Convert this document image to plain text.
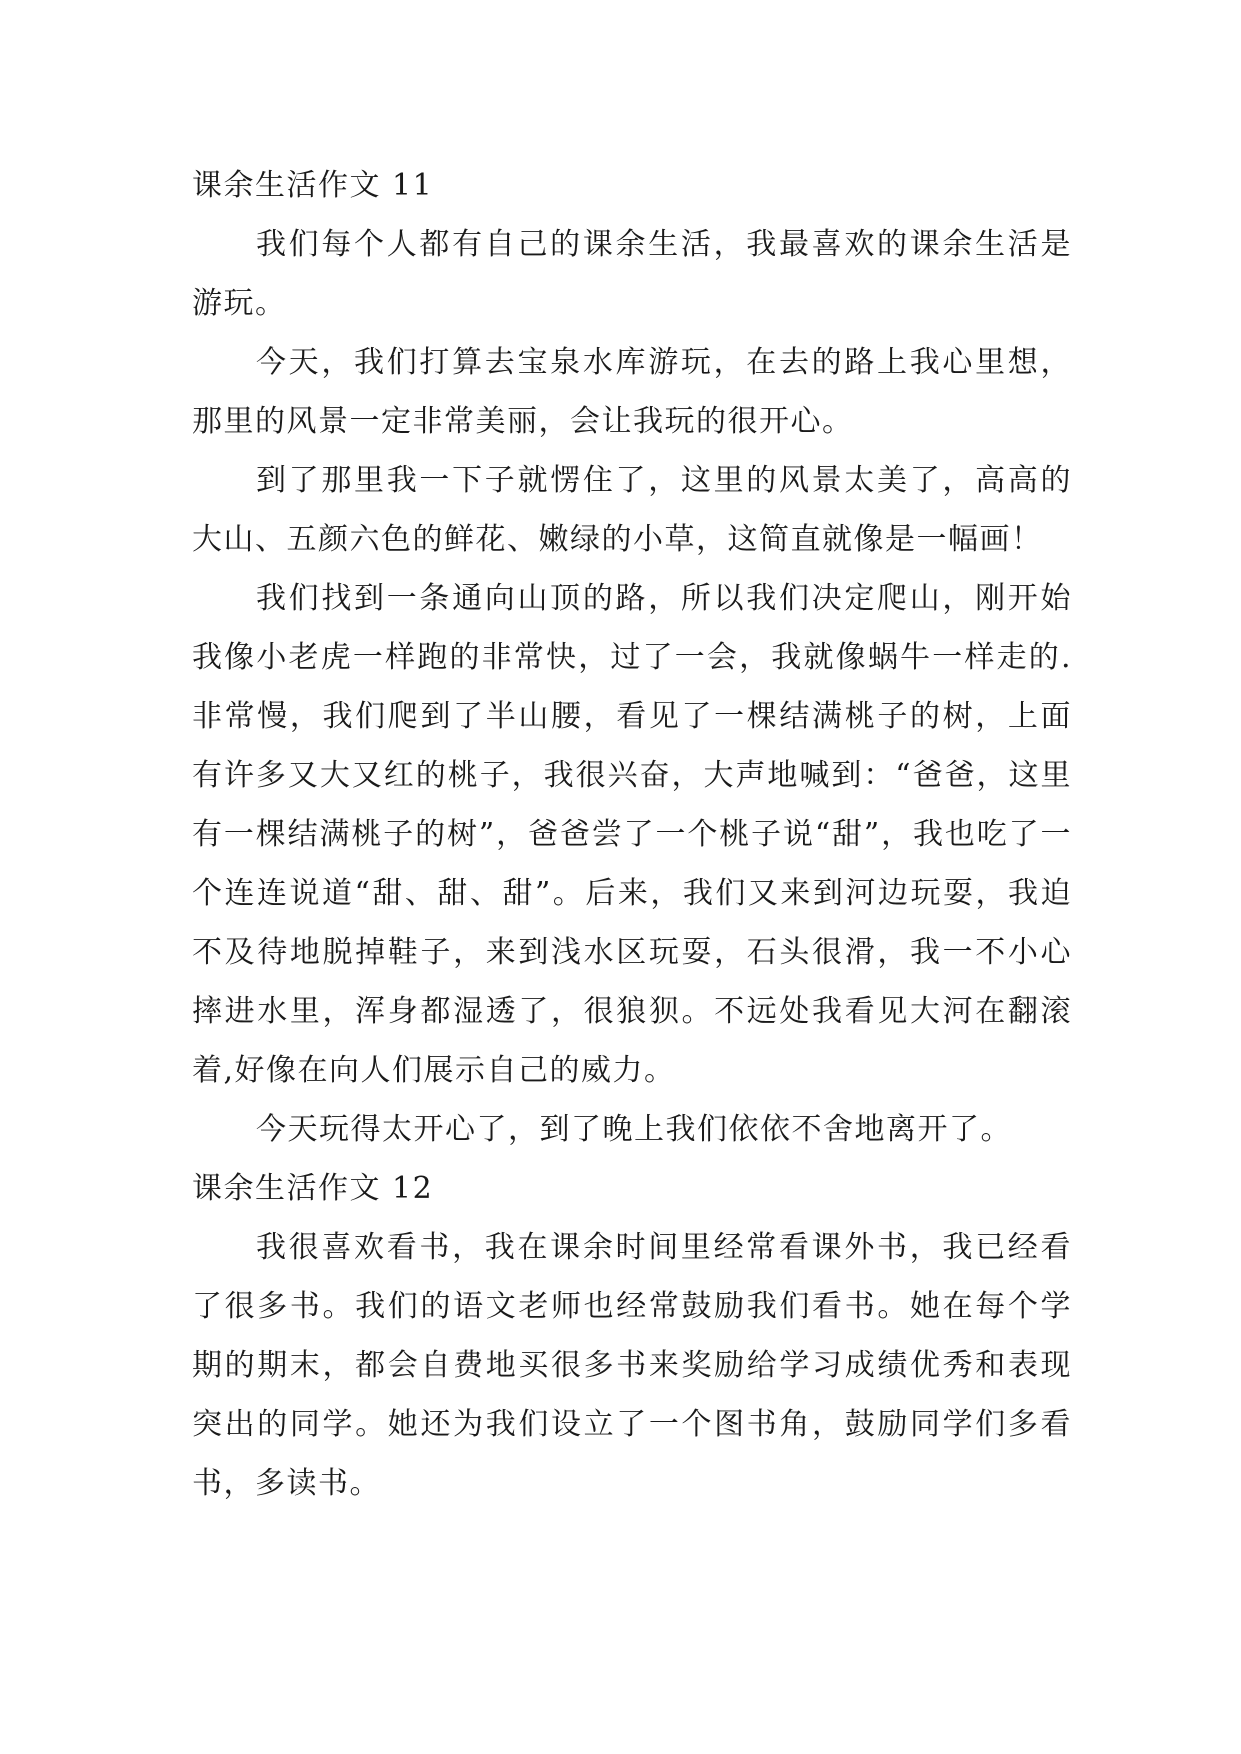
课余生活作文 11

我们每个人都有自己的课余生活，我最喜欢的课余生活是游玩。

今天，我们打算去宝泉水库游玩，在去的路上我心里想，那里的风景一定非常美丽，会让我玩的很开心。

到了那里我一下子就愣住了，这里的风景太美了，高高的大山、五颜六色的鲜花、嫩绿的小草，这简直就像是一幅画！

我们找到一条通向山顶的路，所以我们决定爬山，刚开始我像小老虎一样跑的非常快，过了一会，我就像蜗牛一样走的.非常慢，我们爬到了半山腰，看见了一棵结满桃子的树，上面有许多又大又红的桃子，我很兴奋，大声地喊到：“爸爸，这里有一棵结满桃子的树”，爸爸尝了一个桃子说“甜”，我也吃了一个连连说道“甜、甜、甜”。后来，我们又来到河边玩耍，我迫不及待地脱掉鞋子，来到浅水区玩耍，石头很滑，我一不小心摔进水里，浑身都湿透了，很狼狈。不远处我看见大河在翻滚着,好像在向人们展示自己的威力。

今天玩得太开心了，到了晚上我们依依不舍地离开了。

课余生活作文 12

我很喜欢看书，我在课余时间里经常看课外书，我已经看了很多书。我们的语文老师也经常鼓励我们看书。她在每个学期的期末，都会自费地买很多书来奖励给学习成绩优秀和表现突出的同学。她还为我们设立了一个图书角，鼓励同学们多看书，多读书。
